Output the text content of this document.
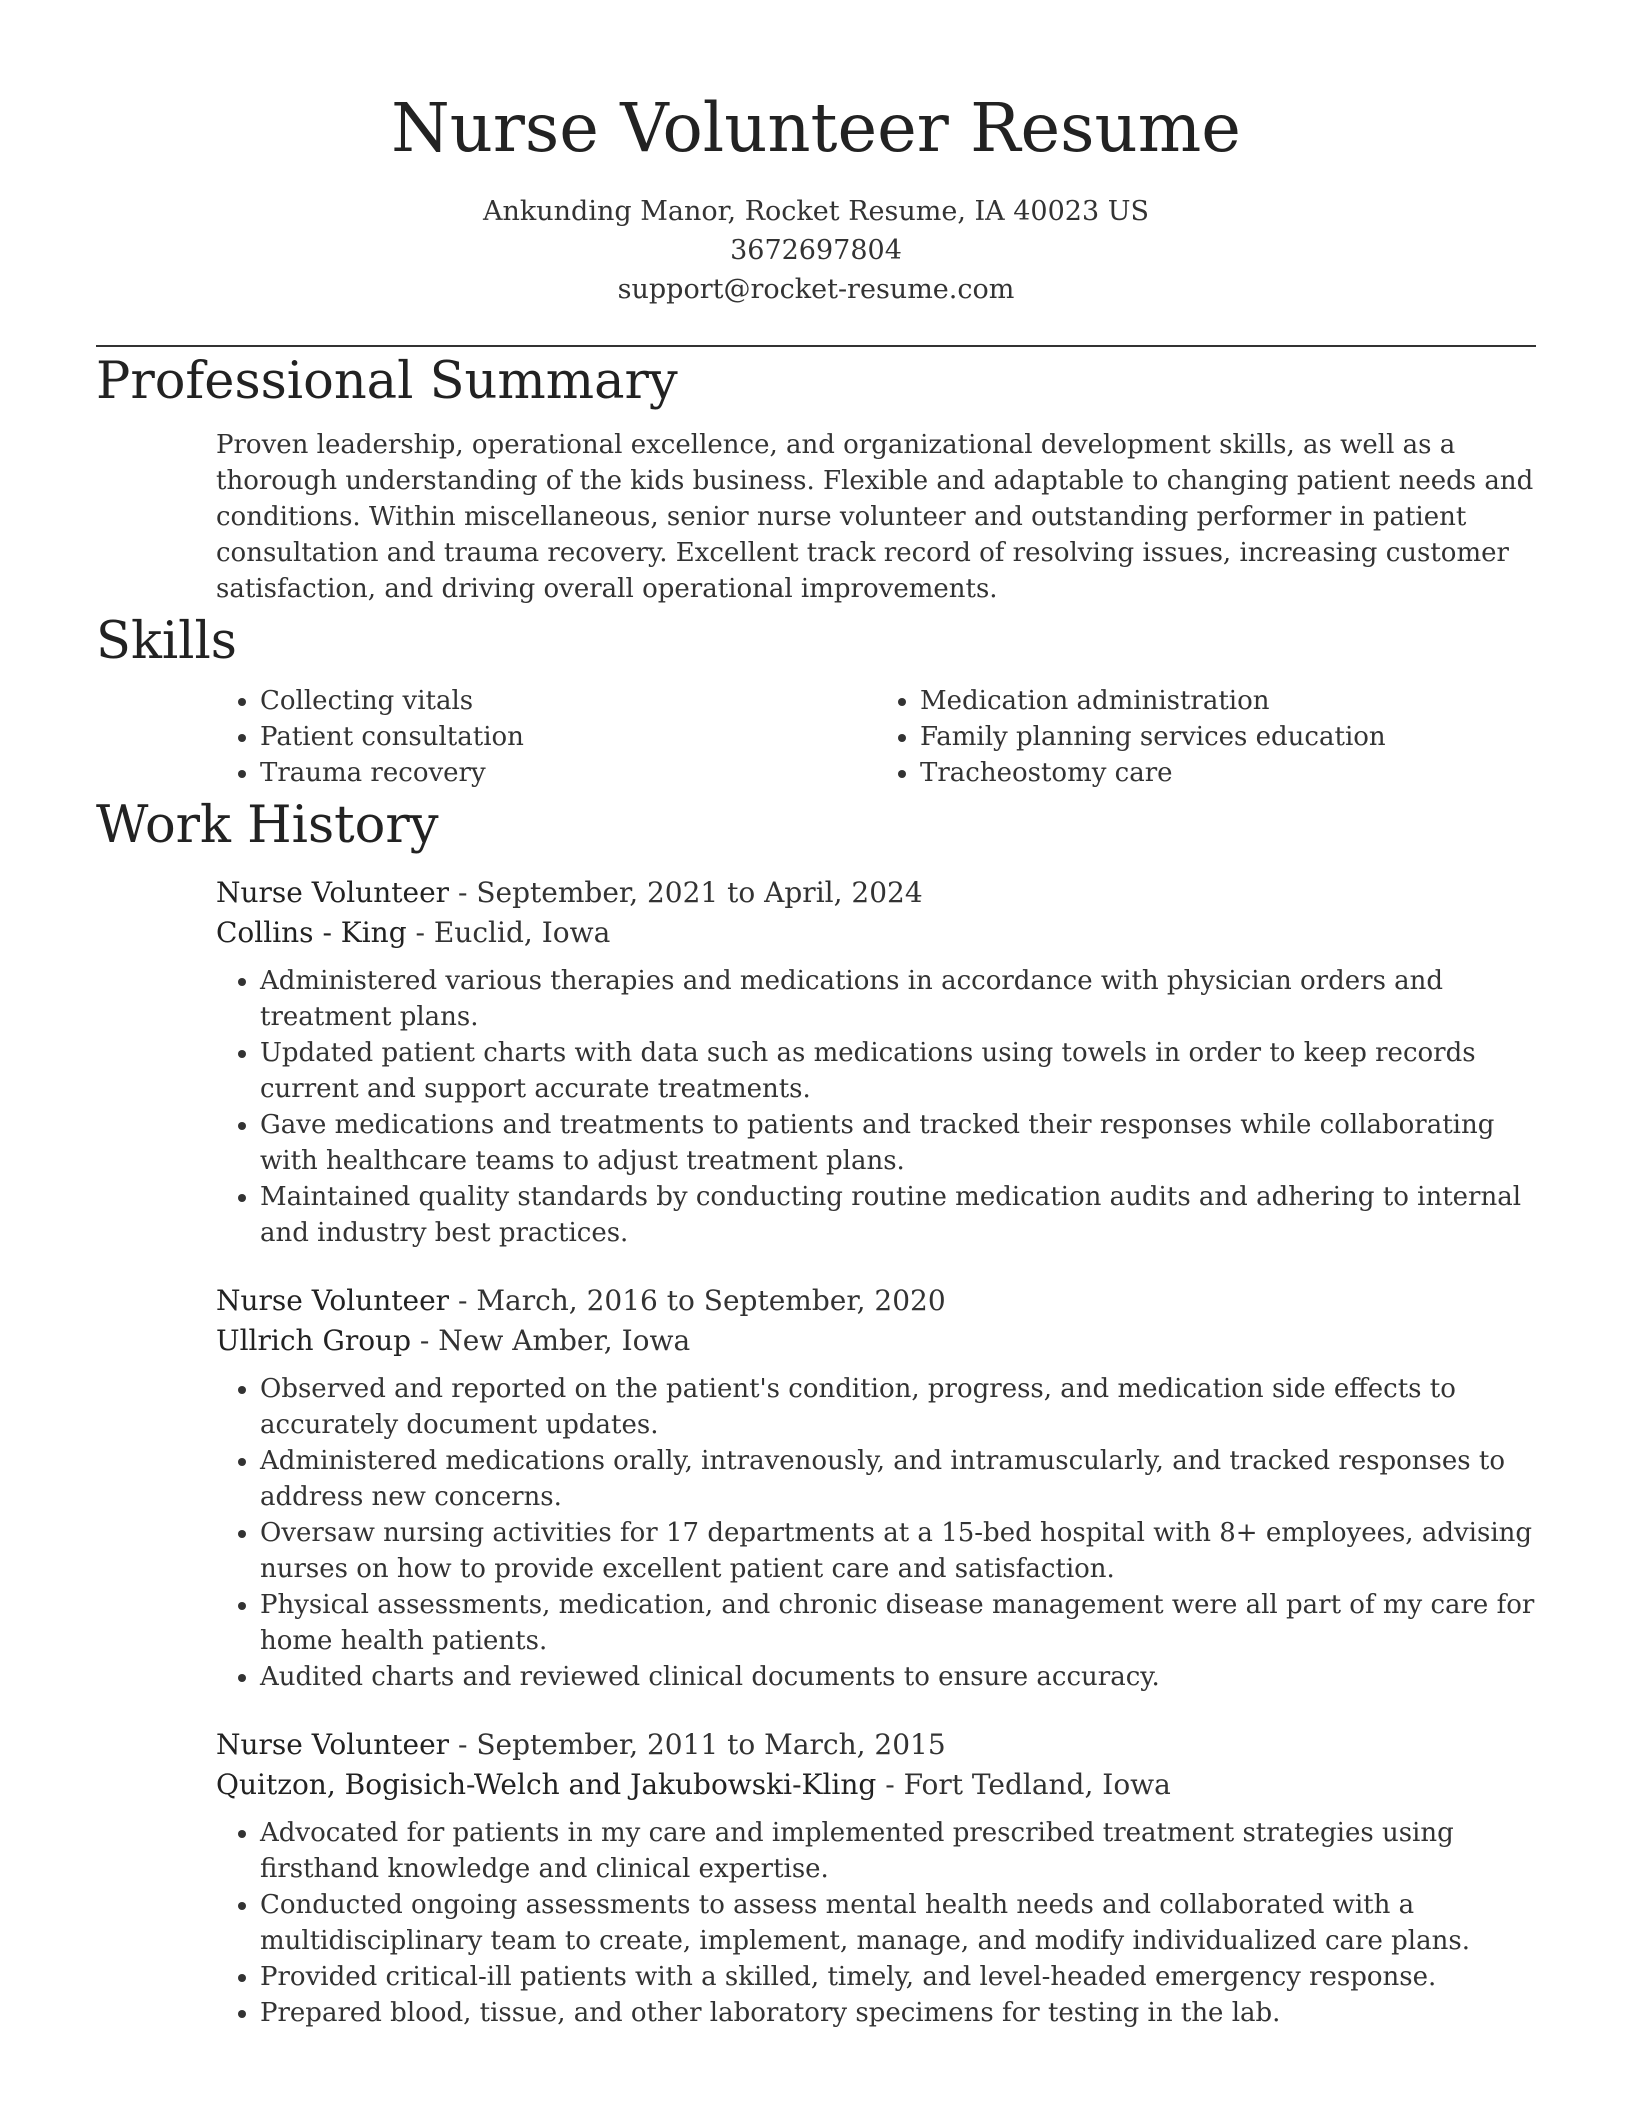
Nurse Volunteer Resume
Ankunding Manor, Rocket Resume, IA 40023 US
3672697804
support@rocket-resume.com
Professional Summary

Proven leadership, operational excellence, and organizational development skills, as well as a thorough understanding of the kids business. Flexible and adaptable to changing patient needs and conditions. Within miscellaneous, senior nurse volunteer and outstanding performer in patient consultation and trauma recovery. Excellent track record of resolving issues, increasing customer satisfaction, and driving overall operational improvements.

Skills
• Collecting vitals
• Patient consultation
• Trauma recovery
• Medication administration
• Family planning services education
• Tracheostomy care
Work History
Nurse Volunteer - September, 2021 to April, 2024
Collins - King - Euclid, Iowa
• Administered various therapies and medications in accordance with physician orders and treatment plans.
• Updated patient charts with data such as medications using towels in order to keep records current and support accurate treatments.
• Gave medications and treatments to patients and tracked their responses while collaborating with healthcare teams to adjust treatment plans.
• Maintained quality standards by conducting routine medication audits and adhering to internal and industry best practices.
Nurse Volunteer - March, 2016 to September, 2020
Ullrich Group - New Amber, Iowa
• Observed and reported on the patient's condition, progress, and medication side effects to accurately document updates.
• Administered medications orally, intravenously, and intramuscularly, and tracked responses to address new concerns.
• Oversaw nursing activities for 17 departments at a 15-bed hospital with 8+ employees, advising nurses on how to provide excellent patient care and satisfaction.
• Physical assessments, medication, and chronic disease management were all part of my care for home health patients.
• Audited charts and reviewed clinical documents to ensure accuracy.
Nurse Volunteer - September, 2011 to March, 2015
Quitzon, Bogisich-Welch and Jakubowski-Kling - Fort Tedland, Iowa
• Advocated for patients in my care and implemented prescribed treatment strategies using firsthand knowledge and clinical expertise.
• Conducted ongoing assessments to assess mental health needs and collaborated with a multidisciplinary team to create, implement, manage, and modify individualized care plans.
• Provided critical-ill patients with a skilled, timely, and level-headed emergency response.
• Prepared blood, tissue, and other laboratory specimens for testing in the lab.
